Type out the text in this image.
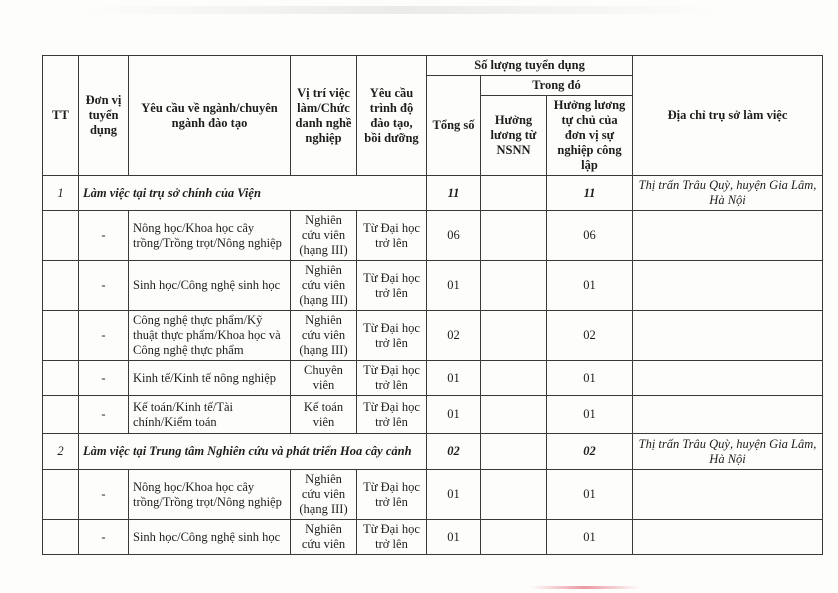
TT	Đơn vị tuyển dụng	Yêu cầu về ngành/chuyên ngành đào tạo	Vị trí việc làm/Chức danh nghề nghiệp	Yêu cầu trình độ đào tạo, bồi dưỡng	Số lượng tuyển dụng			Địa chỉ trụ sở làm việc
					Tổng số	Trong đó		
						Hưởng lương từ NSNN	Hưởng lương tự chủ của đơn vị sự nghiệp công lập	
1	Làm việc tại trụ sở chính của Viện				11		11	Thị trấn Trâu Quỳ, huyện Gia Lâm, Hà Nội
	-	Nông học/Khoa học cây trồng/Trồng trọt/Nông nghiệp	Nghiên cứu viên (hạng III)	Từ Đại học trở lên	06		06	
	-	Sinh học/Công nghệ sinh học	Nghiên cứu viên (hạng III)	Từ Đại học trở lên	01		01	
	-	Công nghệ thực phẩm/Kỹ thuật thực phẩm/Khoa học và Công nghệ thực phẩm	Nghiên cứu viên (hạng III)	Từ Đại học trở lên	02		02	
	-	Kinh tế/Kinh tế nông nghiệp	Chuyên viên	Từ Đại học trở lên	01		01	
	-	Kế toán/Kinh tế/Tài chính/Kiểm toán	Kế toán viên	Từ Đại học trở lên	01		01	
2	Làm việc tại Trung tâm Nghiên cứu và phát triển Hoa cây cảnh				02		02	Thị trấn Trâu Quỳ, huyện Gia Lâm, Hà Nội
	-	Nông học/Khoa học cây trồng/Trồng trọt/Nông nghiệp	Nghiên cứu viên (hạng III)	Từ Đại học trở lên	01		01	
	-	Sinh học/Công nghệ sinh học	Nghiên cứu viên	Từ Đại học trở lên	01		01	
